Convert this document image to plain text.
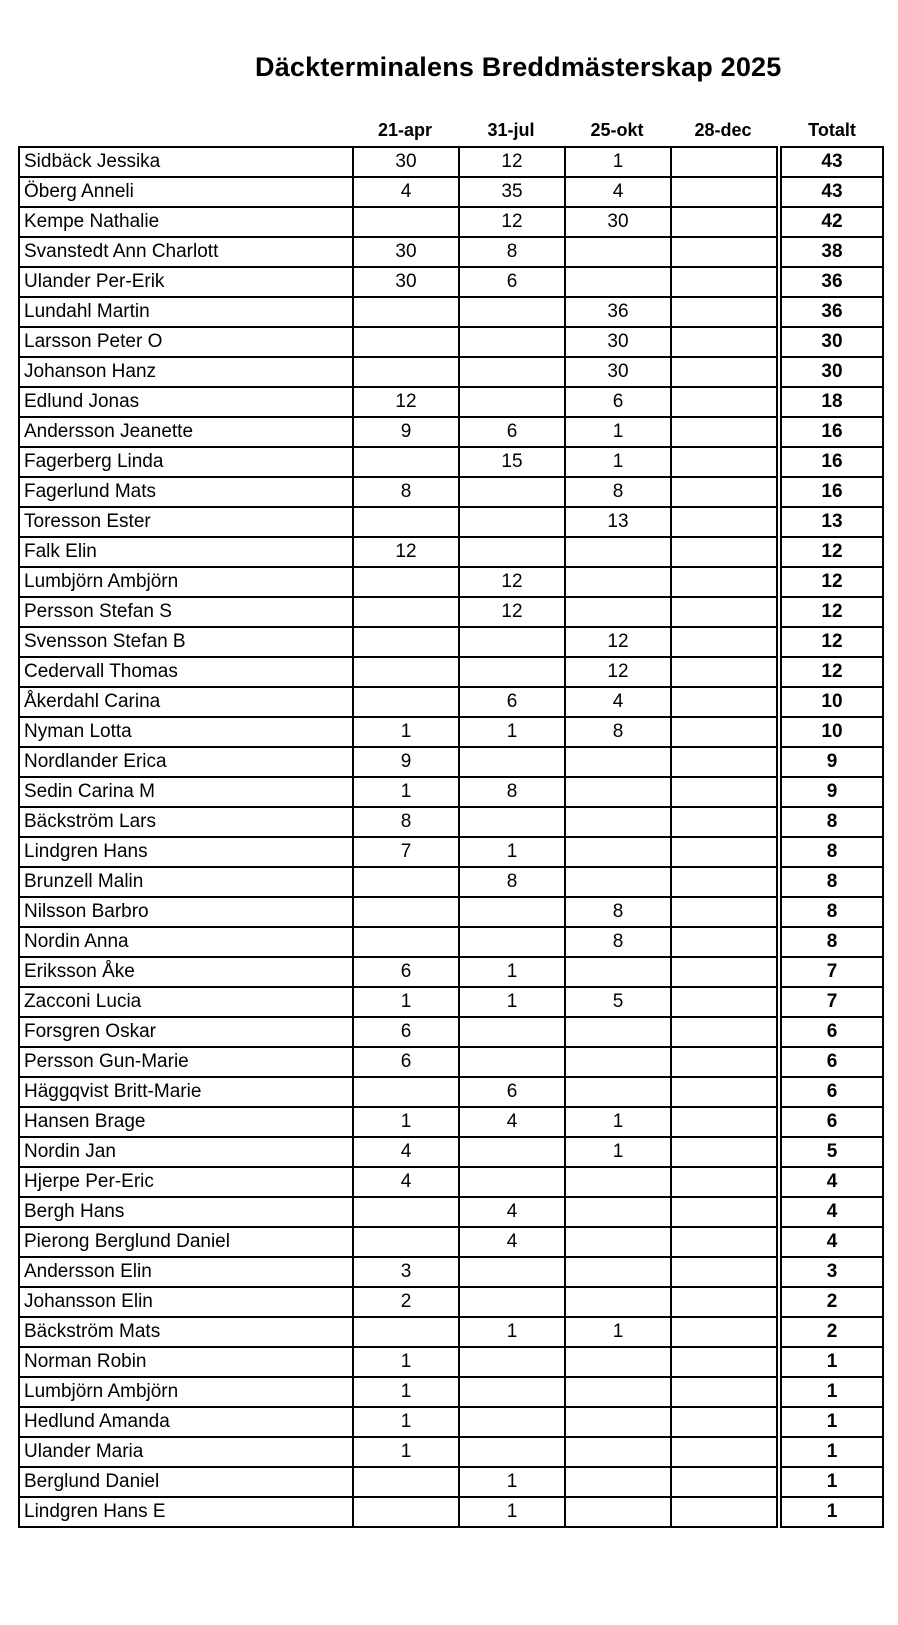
Däckterminalens Breddmästerskap 2025
21-apr	31-jul	25-okt	28-dec	Totalt
Sidbäck Jessika	30	12	1			43
Öberg Anneli	4	35	4			43
Kempe Nathalie		12	30			42
Svanstedt Ann Charlott	30	8				38
Ulander Per-Erik	30	6				36
Lundahl Martin			36			36
Larsson Peter O			30			30
Johanson Hanz			30			30
Edlund Jonas	12		6			18
Andersson Jeanette	9	6	1			16
Fagerberg Linda		15	1			16
Fagerlund Mats	8		8			16
Toresson Ester			13			13
Falk Elin	12					12
Lumbjörn Ambjörn		12				12
Persson Stefan S		12				12
Svensson Stefan B			12			12
Cedervall Thomas			12			12
Åkerdahl Carina		6	4			10
Nyman Lotta	1	1	8			10
Nordlander Erica	9					9
Sedin Carina M	1	8				9
Bäckström Lars	8					8
Lindgren Hans	7	1				8
Brunzell Malin		8				8
Nilsson Barbro			8			8
Nordin Anna			8			8
Eriksson Åke	6	1				7
Zacconi Lucia	1	1	5			7
Forsgren Oskar	6					6
Persson Gun-Marie	6					6
Häggqvist Britt-Marie		6				6
Hansen Brage	1	4	1			6
Nordin Jan	4		1			5
Hjerpe Per-Eric	4					4
Bergh Hans		4				4
Pierong Berglund Daniel		4				4
Andersson Elin	3					3
Johansson Elin	2					2
Bäckström Mats		1	1			2
Norman Robin	1					1
Lumbjörn Ambjörn	1					1
Hedlund Amanda	1					1
Ulander Maria	1					1
Berglund Daniel		1				1
Lindgren Hans E		1				1
